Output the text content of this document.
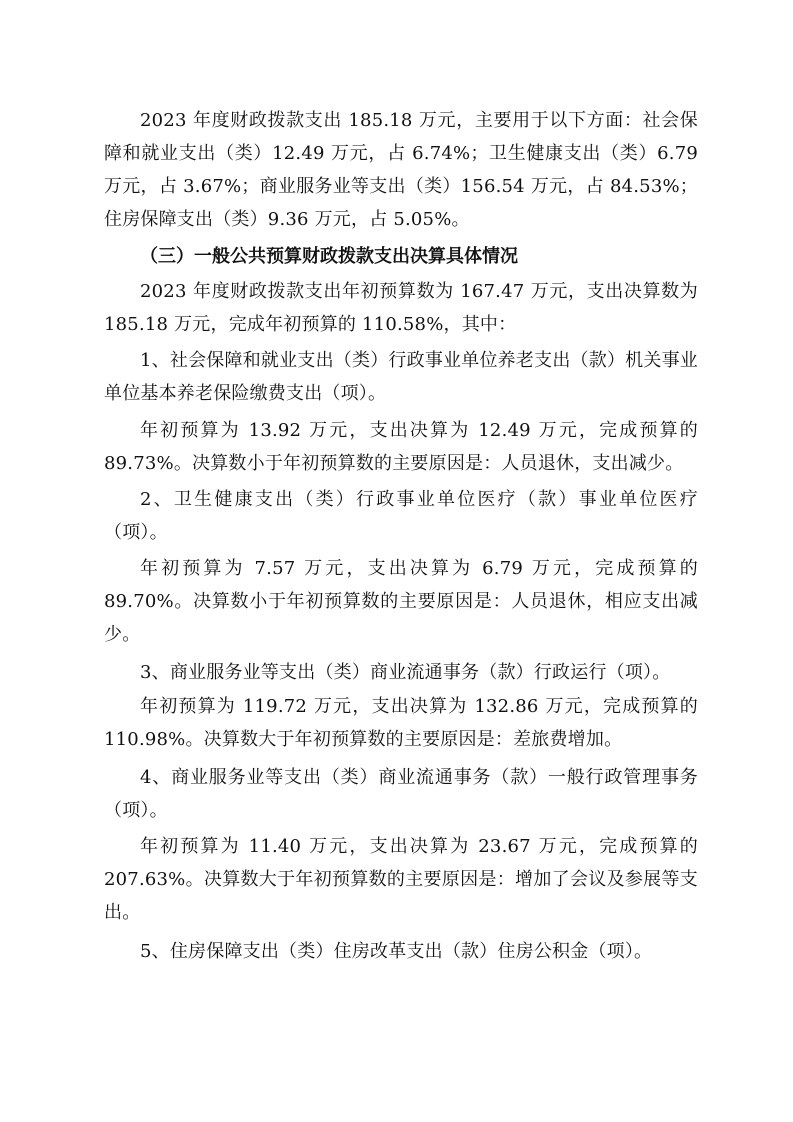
2023 年度财政拨款支出 185.18 万元，主要用于以下方面：社会保障和就业支出（类）12.49 万元，占 6.74%；卫生健康支出（类）6.79 万元，占 3.67%；商业服务业等支出（类）156.54 万元，占 84.53%；住房保障支出（类）9.36 万元，占 5.05%。

（三）一般公共预算财政拨款支出决算具体情况

2023 年度财政拨款支出年初预算数为 167.47 万元，支出决算数为 185.18 万元，完成年初预算的 110.58%，其中：

1、社会保障和就业支出（类）行政事业单位养老支出（款）机关事业单位基本养老保险缴费支出（项）。

年初预算为 13.92 万元，支出决算为 12.49 万元，完成预算的 89.73%。决算数小于年初预算数的主要原因是：人员退休，支出减少。

2、卫生健康支出（类）行政事业单位医疗（款）事业单位医疗（项）。

年初预算为 7.57 万元，支出决算为 6.79 万元，完成预算的 89.70%。决算数小于年初预算数的主要原因是：人员退休，相应支出减少。

3、商业服务业等支出（类）商业流通事务（款）行政运行（项）。

年初预算为 119.72 万元，支出决算为 132.86 万元，完成预算的 110.98%。决算数大于年初预算数的主要原因是：差旅费增加。

4、商业服务业等支出（类）商业流通事务（款）一般行政管理事务（项）。

年初预算为 11.40 万元，支出决算为 23.67 万元，完成预算的 207.63%。决算数大于年初预算数的主要原因是：增加了会议及参展等支出。

5、住房保障支出（类）住房改革支出（款）住房公积金（项）。
